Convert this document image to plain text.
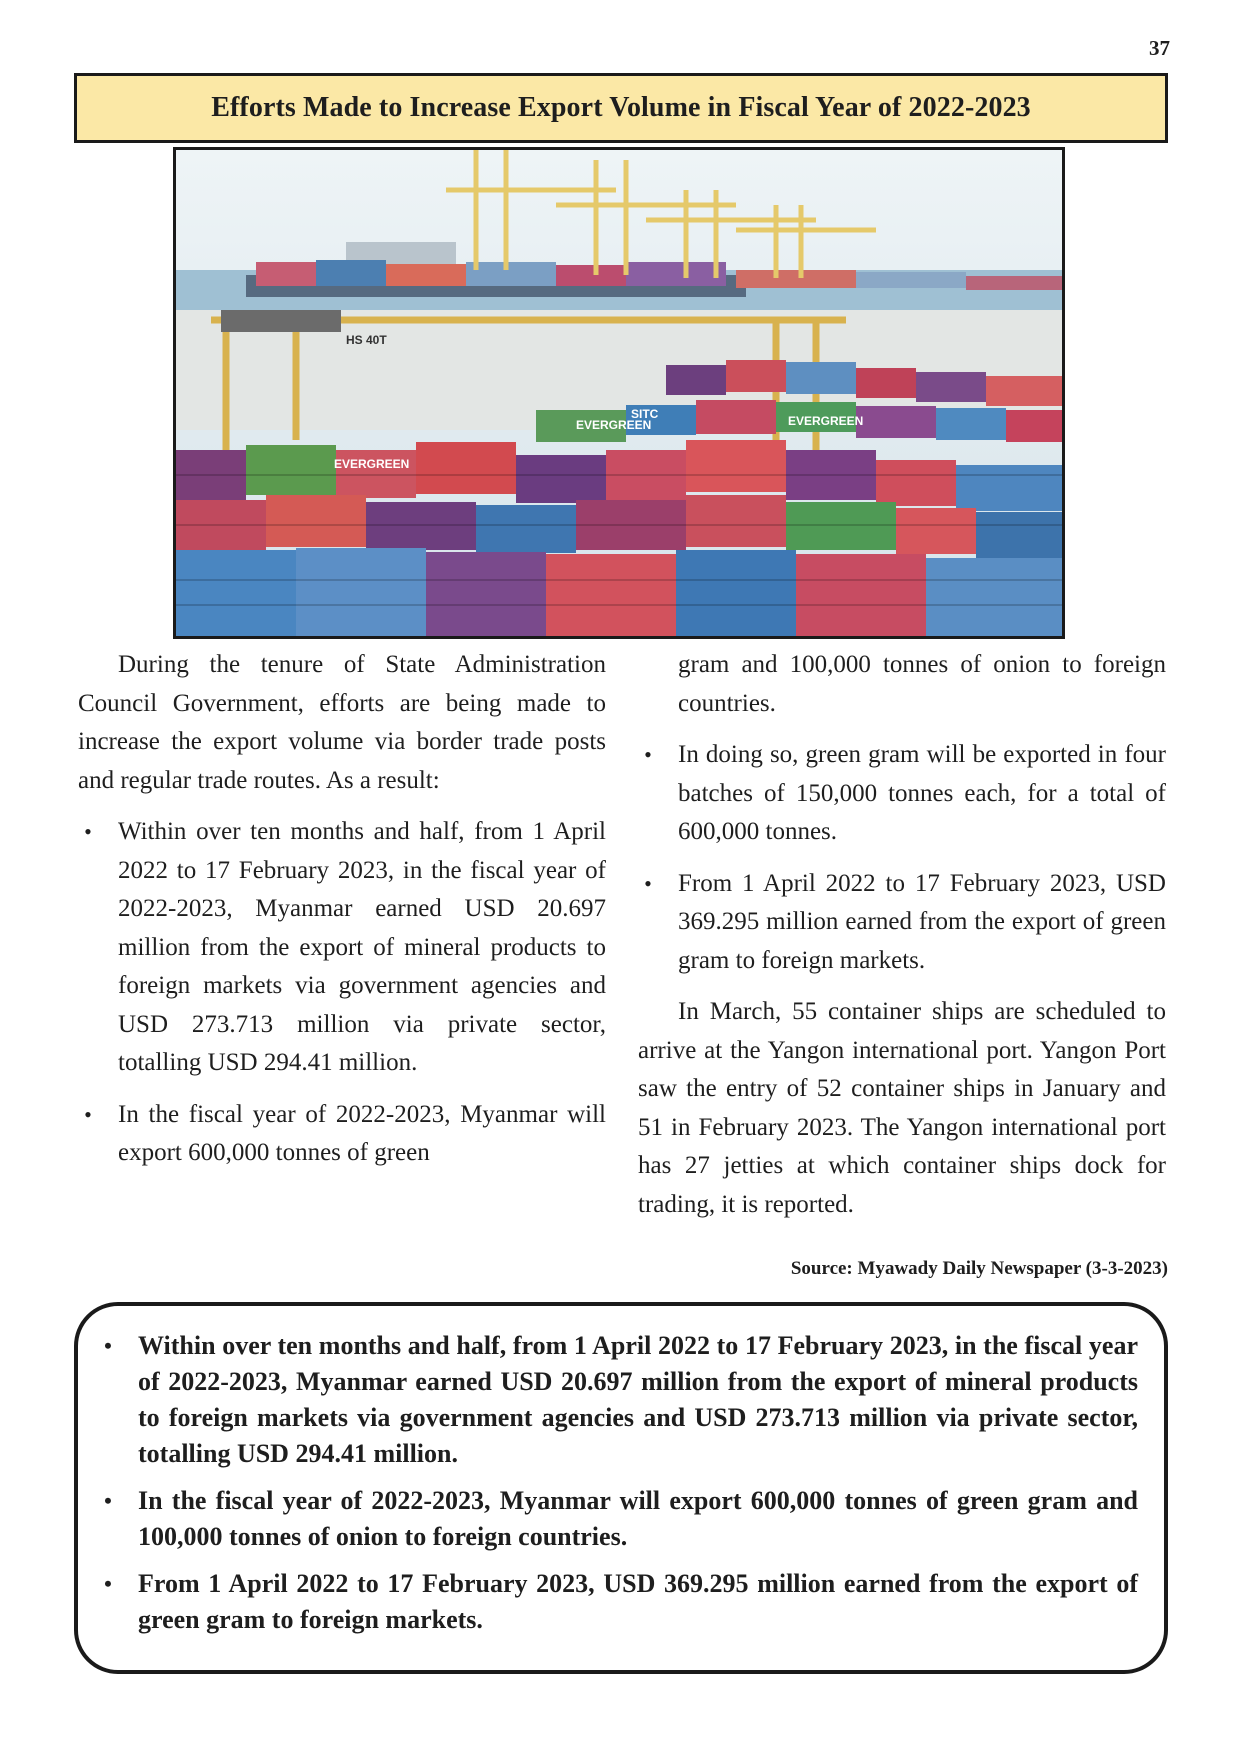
37
Efforts Made to Increase Export Volume in Fiscal Year of 2022-2023
EVERGREEN
EVERGREEN
EVERGREEN
SITC
HS 40T

During the tenure of State Administration Council Government, efforts are being made to increase the export volume via border trade posts and regular trade routes. As a result:

• Within over ten months and half, from 1 April 2022 to 17 February 2023, in the fiscal year of 2022-2023, Myanmar earned USD 20.697 million from the export of mineral products to foreign markets via government agencies and USD 273.713 million via private sector, totalling USD 294.41 million.
• In the fiscal year of 2022-2023, Myanmar will export 600,000 tonnes of green

gram and 100,000 tonnes of onion to foreign countries.

• In doing so, green gram will be exported in four batches of 150,000 tonnes each, for a total of 600,000 tonnes.
• From 1 April 2022 to 17 February 2023, USD 369.295 million earned from the export of green gram to foreign markets.

In March, 55 container ships are scheduled to arrive at the Yangon international port. Yangon Port saw the entry of 52 container ships in January and 51 in February 2023. The Yangon international port has 27 jetties at which container ships dock for trading, it is reported.

Source: Myawady Daily Newspaper (3-3-2023)
• Within over ten months and half, from 1 April 2022 to 17 February 2023, in the fiscal year of 2022-2023, Myanmar earned USD 20.697 million from the export of mineral products to foreign markets via government agencies and USD 273.713 million via private sector, totalling USD 294.41 million.
• In the fiscal year of 2022-2023, Myanmar will export 600,000 tonnes of green gram and 100,000 tonnes of onion to foreign countries.
• From 1 April 2022 to 17 February 2023, USD 369.295 million earned from the export of green gram to foreign markets.
